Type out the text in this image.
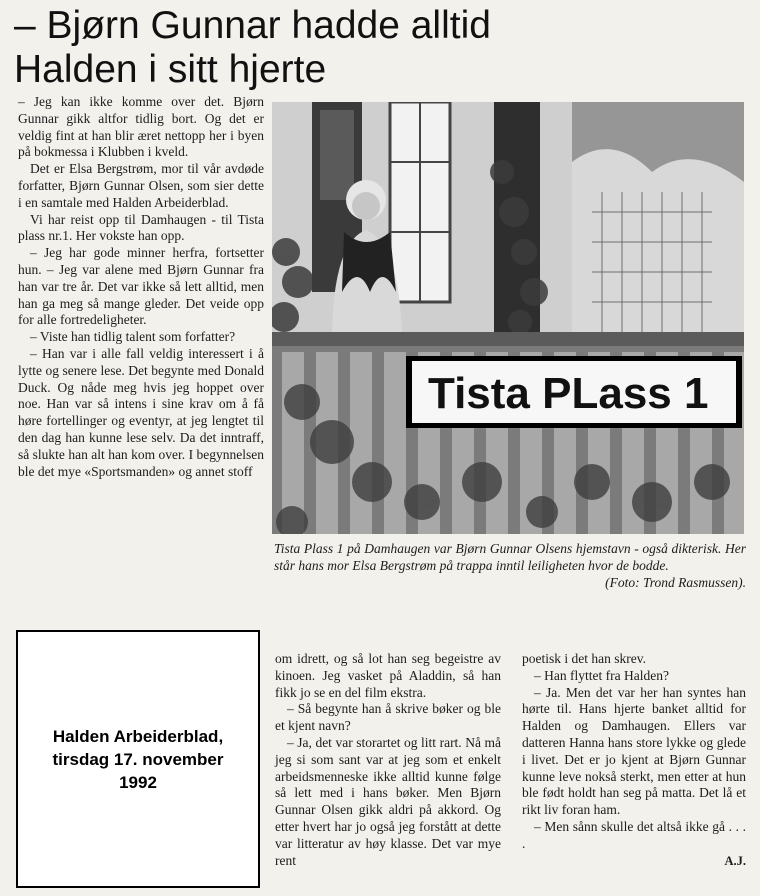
– Bjørn Gunnar hadde alltid
Halden i sitt hjerte

– Jeg kan ikke komme over det. Bjørn Gunnar gikk altfor tidlig bort. Og det er veldig fint at han blir æret nettopp her i byen på bokmessa i Klubben i kveld.

Det er Elsa Bergstrøm, mor til vår avdøde forfatter, Bjørn Gunnar Olsen, som sier dette i en samtale med Halden Arbeiderblad.

Vi har reist opp til Damhaugen - til Tista plass nr.1. Her vokste han opp.

– Jeg har gode minner herfra, fortsetter hun. – Jeg var alene med Bjørn Gunnar fra han var tre år. Det var ikke så lett alltid, men han ga meg så mange gleder. Det veide opp for alle fortredeligheter.

– Viste han tidlig talent som forfatter?

– Han var i alle fall veldig interessert i å lytte og senere lese. Det begynte med Donald Duck. Og nåde meg hvis jeg hoppet over noe. Han var så intens i sine krav om å få høre fortellinger og eventyr, at jeg lengtet til den dag han kunne lese selv. Da det inntraff, så slukte han alt han kom over. I begynnelsen ble det mye «Sportsmanden» og annet stoff

Tista PLass 1
Tista Plass 1 på Damhaugen var Bjørn Gunnar Olsens hjemstavn - også dikterisk. Her står hans mor Elsa Bergstrøm på trappa inntil leiligheten hvor de bodde.
(Foto: Trond Rasmussen).
Halden Arbeiderblad,
tirsdag 17. november
1992

om idrett, og så lot han seg begeistre av kinoen. Jeg vasket på Aladdin, så han fikk jo se en del film ekstra.

– Så begynte han å skrive bøker og ble et kjent navn?

– Ja, det var storartet og litt rart. Nå må jeg si som sant var at jeg som et enkelt arbeidsmenneske ikke alltid kunne følge så lett med i hans bøker. Men Bjørn Gunnar Olsen gikk aldri på akkord. Og etter hvert har jo også jeg forstått at dette var litteratur av høy klasse. Det var mye rent

poetisk i det han skrev.

– Han flyttet fra Halden?

– Ja. Men det var her han syntes han hørte til. Hans hjerte banket alltid for Halden og Damhaugen. Ellers var datteren Hanna hans store lykke og glede i livet. Det er jo kjent at Bjørn Gunnar kunne leve nokså sterkt, men etter at hun ble født holdt han seg på matta. Det lå et rikt liv foran ham.

– Men sånn skulle det altså ikke gå . . . .

A.J.
